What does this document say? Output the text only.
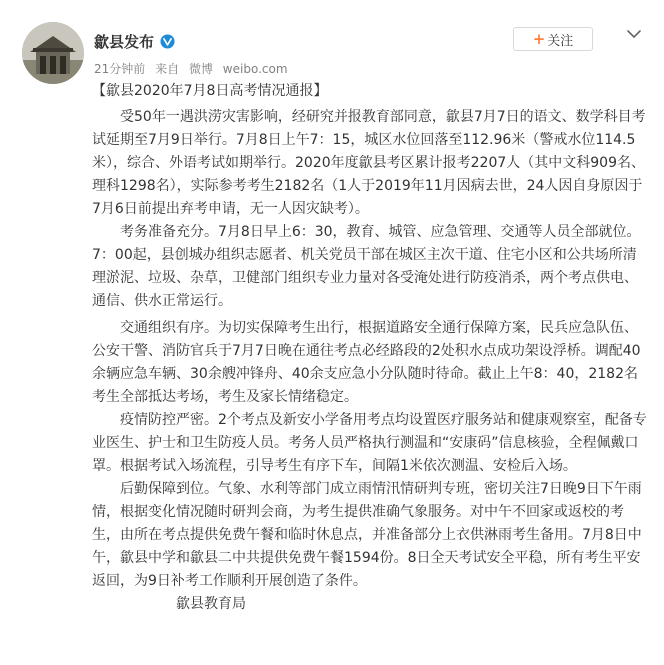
歙县发布
21分钟前 来自 微博 weibo.com
+ 关注

【歙县2020年7月8日高考情况通报】

受50年一遇洪涝灾害影响，经研究并报教育部同意，歙县7月7日的语文、数学科目考试延期至7月9日举行。7月8日上午7：15，城区水位回落至112.96米（警戒水位114.5米），综合、外语考试如期举行。2020年度歙县考区累计报考2207人（其中文科909名、理科1298名），实际参考考生2182名（1人于2019年11月因病去世，24人因自身原因于7月6日前提出弃考申请，无一人因灾缺考）。

考务准备充分。7月8日早上6：30，教育、城管、应急管理、交通等人员全部就位。7：00起，县创城办组织志愿者、机关党员干部在城区主次干道、住宅小区和公共场所清理淤泥、垃圾、杂草，卫健部门组织专业力量对各受淹处进行防疫消杀，两个考点供电、通信、供水正常运行。

交通组织有序。为切实保障考生出行，根据道路安全通行保障方案，民兵应急队伍、公安干警、消防官兵于7月7日晚在通往考点必经路段的2处积水点成功架设浮桥。调配40余辆应急车辆、30余艘冲锋舟、40余支应急小分队随时待命。截止上午8：40，2182名考生全部抵达考场，考生及家长情绪稳定。

疫情防控严密。2个考点及新安小学备用考点均设置医疗服务站和健康观察室，配备专业医生、护士和卫生防疫人员。考务人员严格执行测温和“安康码”信息核验，全程佩戴口罩。根据考试入场流程，引导考生有序下车，间隔1米依次测温、安检后入场。

后勤保障到位。气象、水利等部门成立雨情汛情研判专班，密切关注7日晚9日下午雨情，根据变化情况随时研判会商，为考生提供准确气象服务。对中午不回家或返校的考生，由所在考点提供免费午餐和临时休息点，并准备部分上衣供淋雨考生备用。7月8日中午，歙县中学和歙县二中共提供免费午餐1594份。8日全天考试安全平稳，所有考生平安返回，为9日补考工作顺利开展创造了条件。

歙县教育局
